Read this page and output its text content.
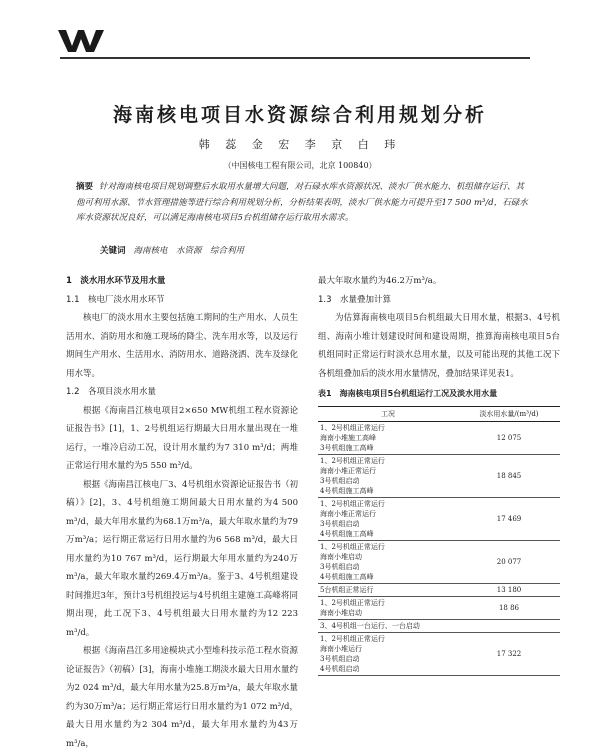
海南核电项目水资源综合利用规划分析
韩 蕊 金 宏 李 京 白 玮
（中国核电工程有限公司，北京 100840）
摘要 针对海南核电项目规划调整后水取用水量增大问题，对石碌水库水资源状况、淡水厂供水能力、机组储存运行、其他可利用水源、节水管理措施等进行综合利用规划分析，分析结果表明，淡水厂供水能力可提升至17 500 m³/d，石碌水库水资源状况良好，可以满足海南核电项目5台机组储存运行取用水需求。
关键词 海南核电　水资源　综合利用
1　淡水用水环节及用水量
1.1　核电厂淡水用水环节
核电厂的淡水用水主要包括施工期间的生产用水、人员生活用水、消防用水和施工现场的降尘、洗车用水等，以及运行期间生产用水、生活用水、消防用水、道路浇洒、洗车及绿化用水等。
1.2　各项目淡水用水量
根据《海南昌江核电项目2×650 MW机组工程水资源论证报告书》[1]，1、2号机组运行期最大日用水量出现在一堆运行，一堆冷启动工况，设计用水量约为7 310 m³/d；两堆正常运行用水量约为5 550 m³/d。
根据《海南昌江核电厂3、4号机组水资源论证报告书（初稿）》[2]，3、4号机组施工期间最大日用水量约为4 500 m³/d，最大年用水量约为68.1万m³/a，最大年取水量约为79万m³/a；运行期正常运行日用水量约为6 568 m³/d，最大日用水量约为10 767 m³/d，运行期最大年用水量约为240万m³/a，最大年取水量约269.4万m³/a。鉴于3、4号机组建设时间推迟3年，预计3号机组投运与4号机组主建施工高峰将同期出现，此工况下3、4号机组最大日用水量约为12 223 m³/d。
根据《海南昌江多用途模块式小型堆科技示范工程水资源论证报告》（初稿）[3]，海南小堆施工期淡水最大日用水量约为2 024 m³/d，最大年用水量为25.8万m³/a，最大年取水量约为30万m³/a；运行期正常运行日用水量约为1 072 m³/d，最大日用水量约为2 304 m³/d，最大年用水量约为43万m³/a，
最大年取水量约为46.2万m³/a。
1.3　水量叠加计算
为估算海南核电项目5台机组最大日用水量，根据3、4号机组、海南小堆计划建设时间和建设周期，推算海南核电项目5台机组同时正常运行时淡水总用水量，以及可能出现的其他工况下各机组叠加后的淡水用水量情况，叠加结果详见表1。
表1　海南核电项目5台机组运行工况及淡水用水量
工况	淡水用水量/(m³/d)

1、2号机组正常运行
海南小堆施工高峰
3号机组施工高峰	12 075

1、2号机组正常运行
海南小堆正常运行
3号机组启动
4号机组施工高峰	18 845

1、2号机组正常运行
海南小堆正常运行
3号机组启动
4号机组施工高峰	17 469

1、2号机组正常运行
海南小堆启动
3号机组启动
4号机组施工高峰	20 077

5台机组正常运行	13 180

1、2号机组正常运行
海南小堆启动	18 86

3、4号机组一台运行、一台启动	

1、2号机组正常运行
海南小堆运行
3号机组启动
4号机组启动	17 322
